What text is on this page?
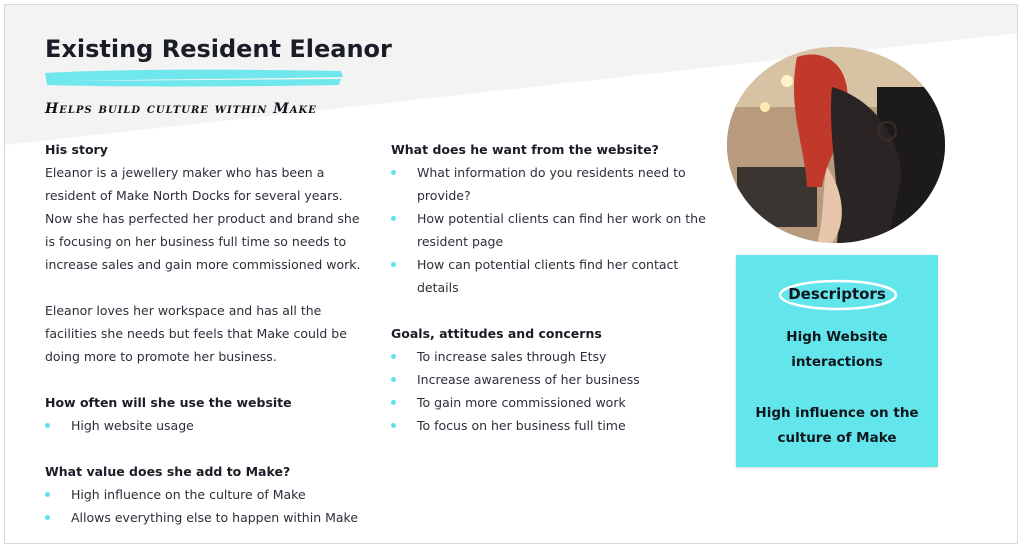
Existing Resident Eleanor
Helps build culture within Make
His story

Eleanor is a jewellery maker who has been a resident of Make North Docks for several years. Now she has perfected her product and brand she is focusing on her business full time so needs to increase sales and gain more commissioned work.

Eleanor loves her workspace and has all the facilities she needs but feels that Make could be doing more to promote her business.

How often will she use the website
High website usage
What value does she add to Make?
High influence on the culture of Make
Allows everything else to happen within Make
What does he want from the website?
What information do you residents need to provide?
How potential clients can find her work on the resident page
How can potential clients find her contact details
Goals, attitudes and concerns
To increase sales through Etsy
Increase awareness of her business
To gain more commissioned work
To focus on her business full time
Descriptors
High Website interactions
High influence on the culture of Make
